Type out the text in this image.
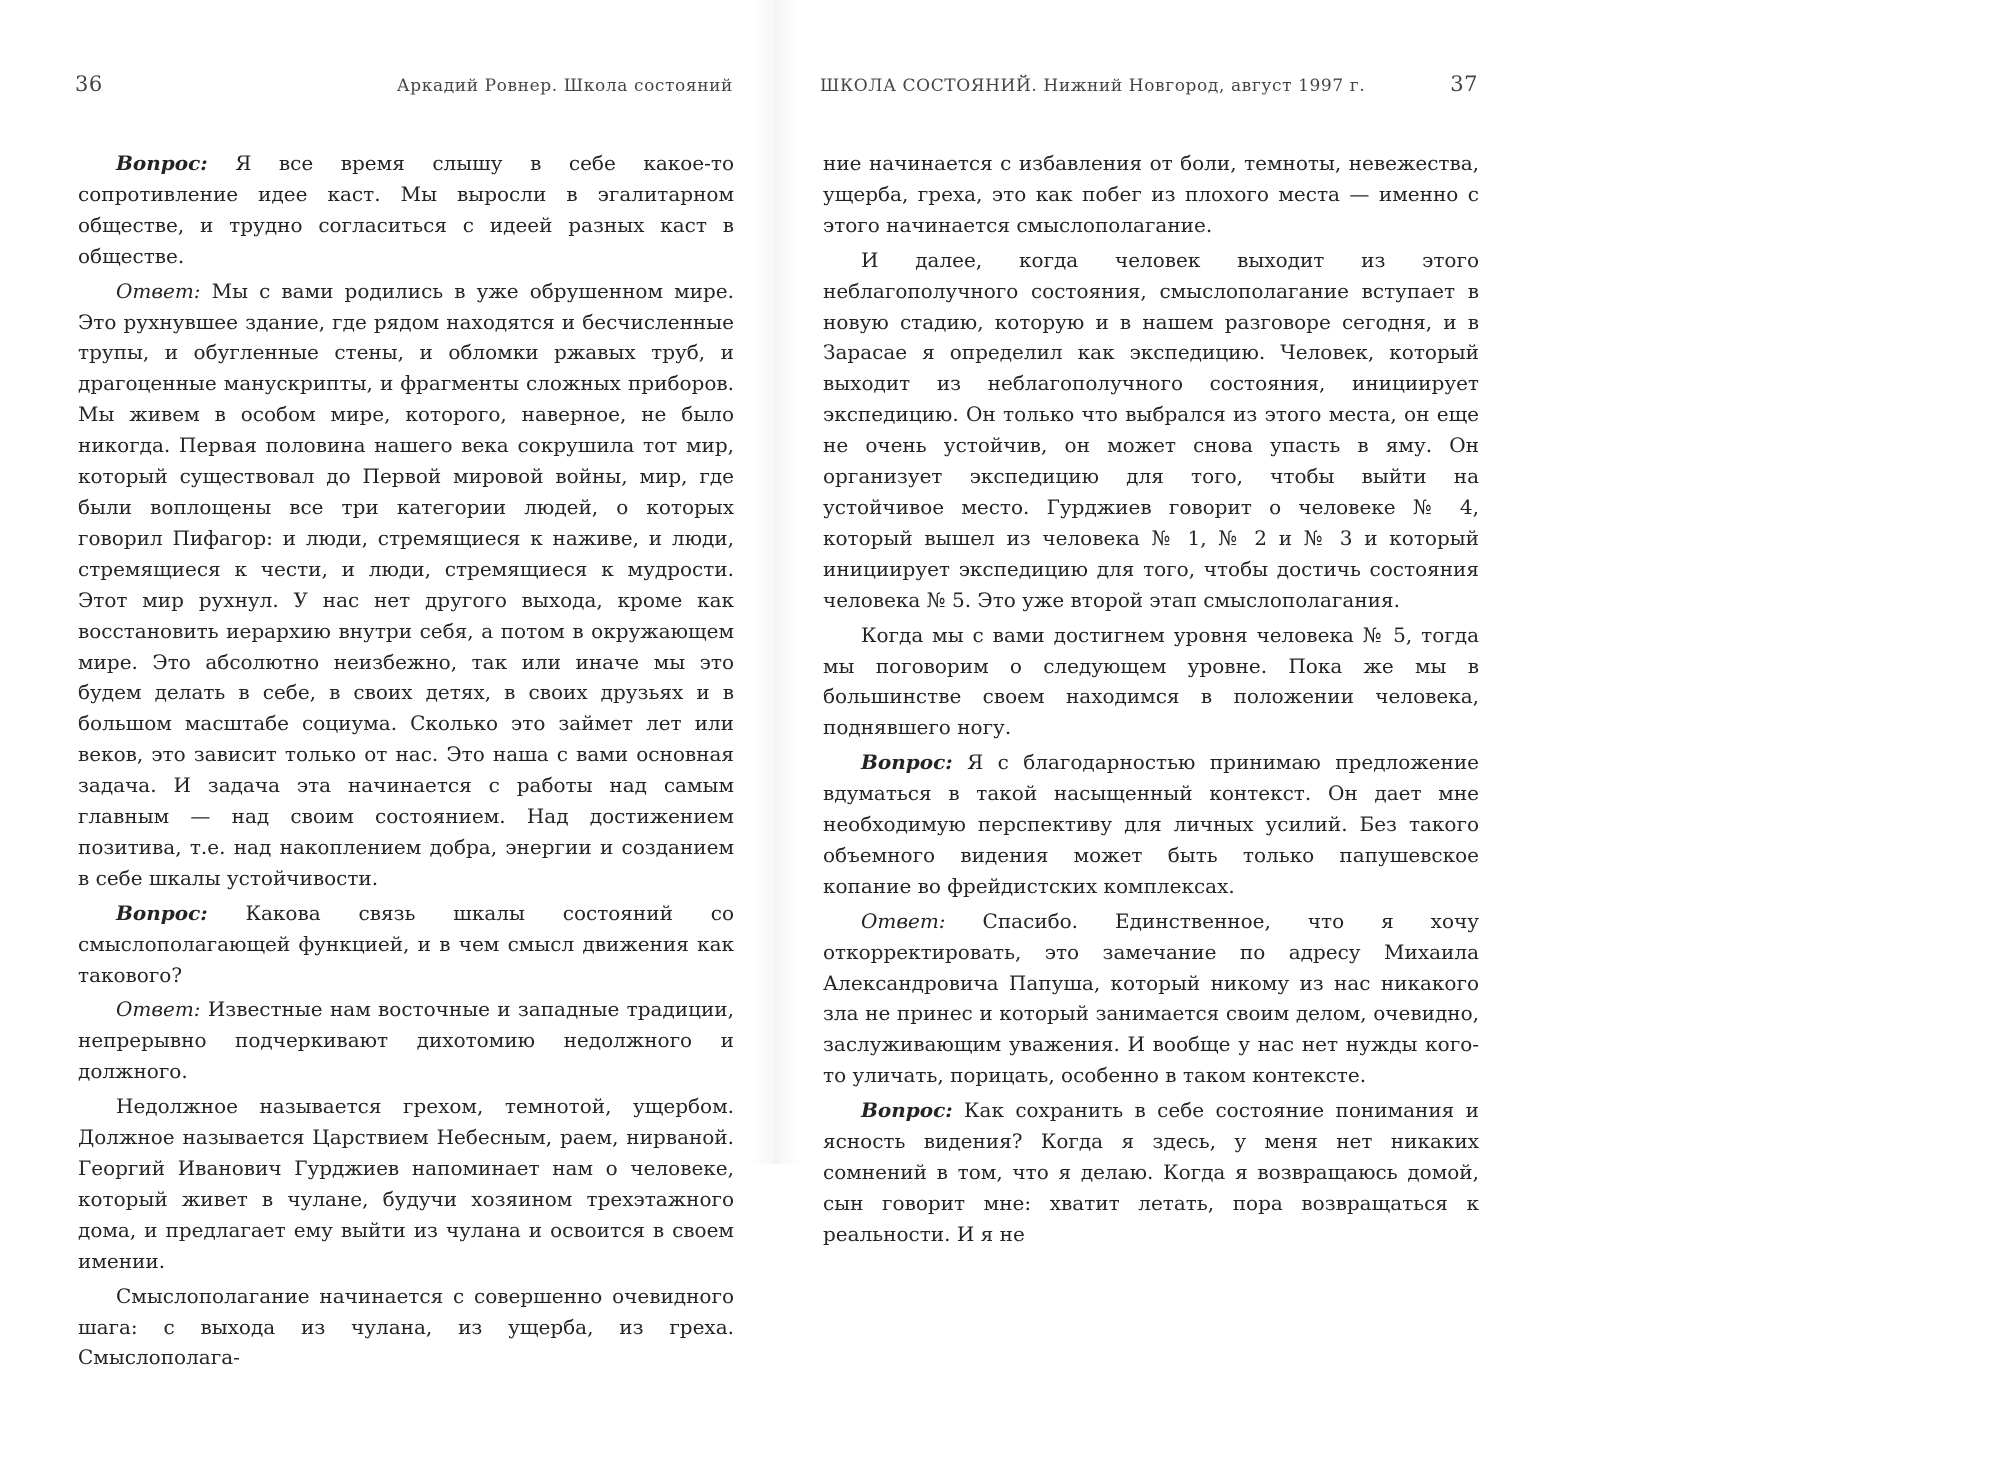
36	Аркадий Ровнер. Школа состояний

Вопрос: Я все время слышу в себе какое-то сопротивление идее каст. Мы выросли в эгалитарном обществе, и трудно согласиться с идеей разных каст в обществе.

Ответ: Мы с вами родились в уже обрушенном мире. Это рухнувшее здание, где рядом находятся и бесчисленные трупы, и обугленные стены, и обломки ржавых труб, и драгоценные манускрипты, и фрагменты сложных приборов. Мы живем в особом мире, которого, наверное, не было никогда. Первая половина нашего века сокрушила тот мир, который существовал до Первой мировой войны, мир, где были воплощены все три категории людей, о которых говорил Пифагор: и люди, стремящиеся к наживе, и люди, стремящиеся к чести, и люди, стремящиеся к мудрости. Этот мир рухнул. У нас нет другого выхода, кроме как восстановить иерархию внутри себя, а потом в окружающем мире. Это абсолютно неизбежно, так или иначе мы это будем делать в себе, в своих детях, в своих друзьях и в большом масштабе социума. Сколько это займет лет или веков, это зависит только от нас. Это наша с вами основная задача. И задача эта начинается с работы над самым главным — над своим состоянием. Над достижением позитива, т.е. над накоплением добра, энергии и созданием в себе шкалы устойчивости.

Вопрос: Какова связь шкалы состояний со смыслополагающей функцией, и в чем смысл движения как такового?

Ответ: Известные нам восточные и западные традиции, непрерывно подчеркивают дихотомию недолжного и должного.

Недолжное называется грехом, темнотой, ущербом. Должное называется Царствием Небесным, раем, нирваной. Георгий Иванович Гурджиев напоминает нам о человеке, который живет в чулане, будучи хозяином трехэтажного дома, и предлагает ему выйти из чулана и освоится в своем имении.

Смыслополагание начинается с совершенно очевидного шага: с выхода из чулана, из ущерба, из греха. Смыслополага-

ШКОЛА СОСТОЯНИЙ. Нижний Новгород, август 1997 г.	37

ние начинается с избавления от боли, темноты, невежества, ущерба, греха, это как побег из плохого места — именно с этого начинается смыслополагание.

И далее, когда человек выходит из этого неблагополучного состояния, смыслополагание вступает в новую стадию, которую и в нашем разговоре сегодня, и в Зарасае я определил как экспедицию. Человек, который выходит из неблагополучного состояния, инициирует экспедицию. Он только что выбрался из этого места, он еще не очень устойчив, он может снова упасть в яму. Он организует экспедицию для того, чтобы выйти на устойчивое место. Гурджиев говорит о человеке № 4, который вышел из человека № 1, № 2 и № 3 и который инициирует экспедицию для того, чтобы достичь состояния человека № 5. Это уже второй этап смыслополагания.

Когда мы с вами достигнем уровня человека № 5, тогда мы поговорим о следующем уровне. Пока же мы в большинстве своем находимся в положении человека, поднявшего ногу.

Вопрос: Я с благодарностью принимаю предложение вдуматься в такой насыщенный контекст. Он дает мне необходимую перспективу для личных усилий. Без такого объемного видения может быть только папушевское копание во фрейдистских комплексах.

Ответ: Спасибо. Единственное, что я хочу откорректировать, это замечание по адресу Михаила Александровича Папуша, который никому из нас никакого зла не принес и который занимается своим делом, очевидно, заслуживающим уважения. И вообще у нас нет нужды кого-то уличать, порицать, особенно в таком контексте.

Вопрос: Как сохранить в себе состояние понимания и ясность видения? Когда я здесь, у меня нет никаких сомнений в том, что я делаю. Когда я возвращаюсь домой, сын говорит мне: хватит летать, пора возвращаться к реальности. И я не
